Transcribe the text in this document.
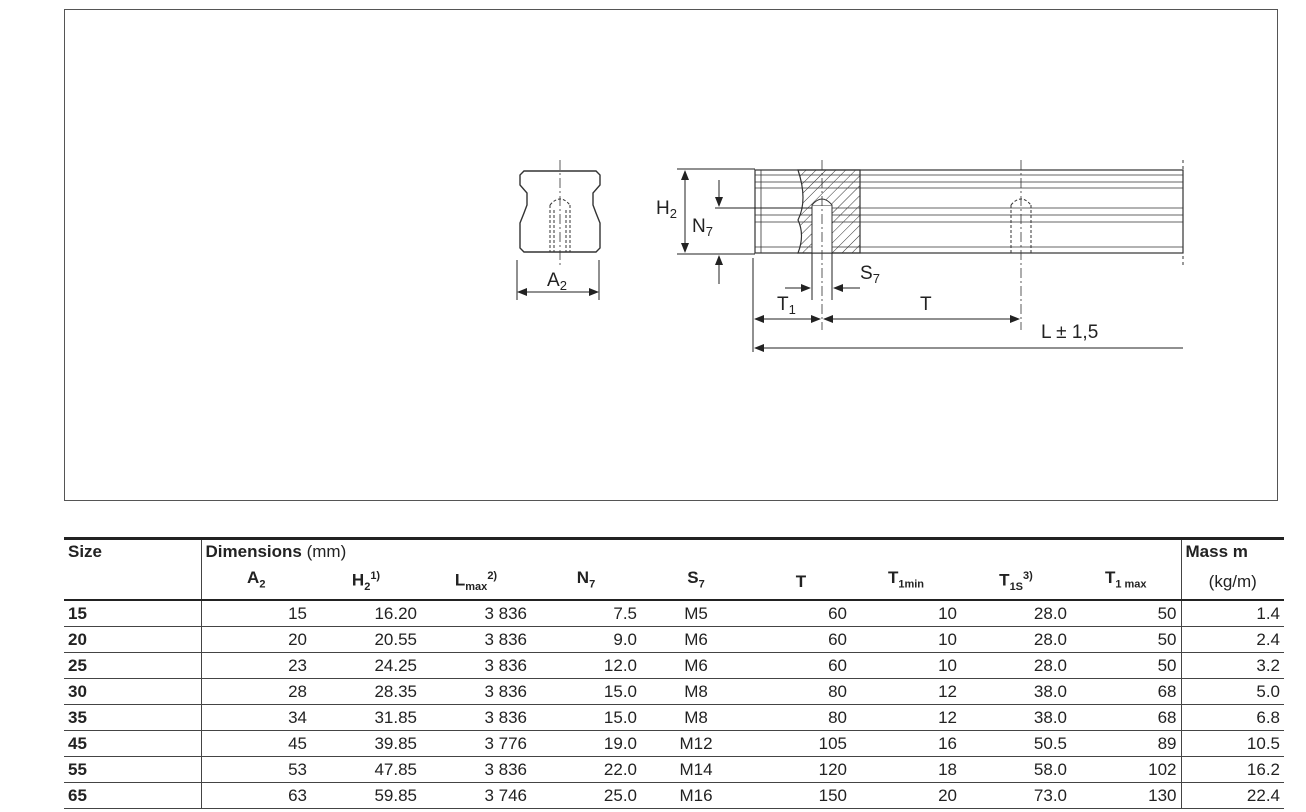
$A_2$
$H_2$
$N_7$
$S_7$
$T_1$	T
L ± 1,5
Size	Dimensions (mm)									Mass m
	$A_2$	$H_2^{1)}$	$L_{max}^{2)}$	$N_7$	$S_7$	T	$T_{1min}$	$T_{1S}^{3)}$	$T_{1 max}$	(kg/m)
15	15	16.20	3 836	7.5	M5	60	10	28.0	50	1.4
20	20	20.55	3 836	9.0	M6	60	10	28.0	50	2.4
25	23	24.25	3 836	12.0	M6	60	10	28.0	50	3.2
30	28	28.35	3 836	15.0	M8	80	12	38.0	68	5.0
35	34	31.85	3 836	15.0	M8	80	12	38.0	68	6.8
45	45	39.85	3 776	19.0	M12	105	16	50.5	89	10.5
55	53	47.85	3 836	22.0	M14	120	18	58.0	102	16.2
65	63	59.85	3 746	25.0	M16	150	20	73.0	130	22.4
